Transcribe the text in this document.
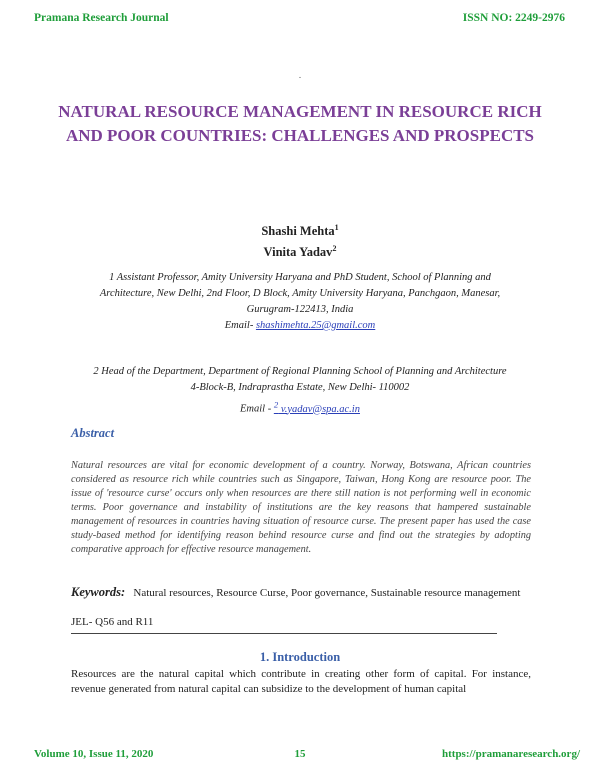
Pramana Research Journal	ISSN NO: 2249-2976
.
NATURAL RESOURCE MANAGEMENT IN RESOURCE RICH AND POOR COUNTRIES: CHALLENGES AND PROSPECTS
Shashi Mehta$^1$
Vinita Yadav$^2$
1 Assistant Professor, Amity University Haryana and PhD Student, School of Planning and
Architecture, New Delhi, 2nd Floor, D Block, Amity University Haryana, Panchgaon, Manesar,
Gurugram-122413, India
Email- shashimehta.25@gmail.com
2 Head of the Department, Department of Regional Planning School of Planning and Architecture
4-Block-B, Indraprastha Estate, New Delhi- 110002
Email - $^2$ v.yadav@spa.ac.in
Abstract
Natural resources are vital for economic development of a country. Norway, Botswana, African countries considered as resource rich while countries such as Singapore, Taiwan, Hong Kong are resource poor. The issue of 'resource curse' occurs only when resources are there still nation is not performing well in economic terms. Poor governance and instability of institutions are the key reasons that hampered sustainable management of resources in countries having situation of resource curse. The present paper has used the case study-based method for identifying reason behind resource curse and find out the strategies by adopting comparative approach for effective resource management.
Keywords: Natural resources, Resource Curse, Poor governance, Sustainable resource management
JEL- Q56 and R11
1. Introduction
Resources are the natural capital which contribute in creating other form of capital. For instance, revenue generated from natural capital can subsidize to the development of human capital
Volume 10, Issue 11, 2020	15	https://pramanaresearch.org/
